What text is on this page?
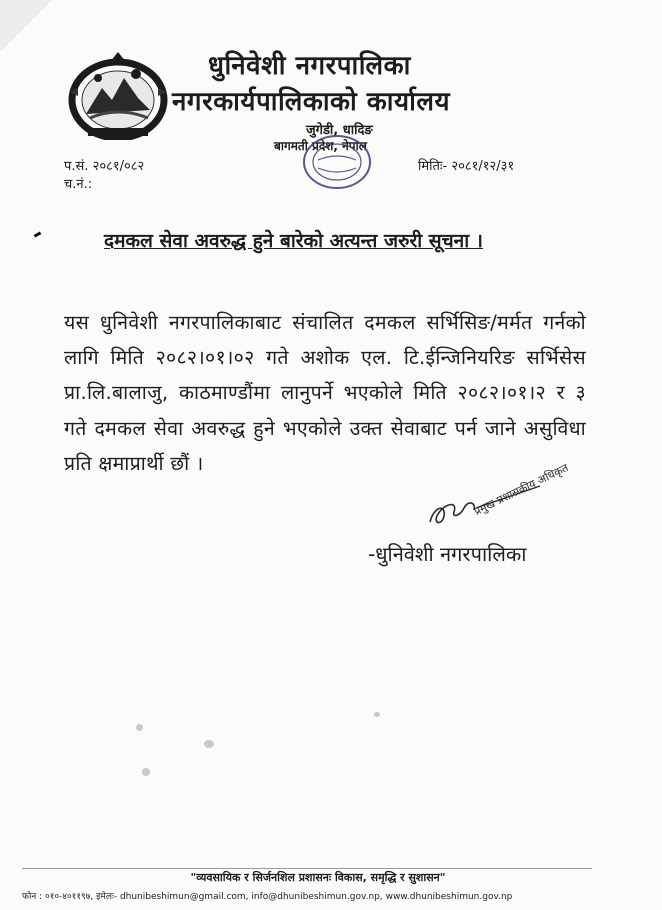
धुनिवेशी नगरपालिका
नगरकार्यपालिकाको कार्यालय
जुगेडी, धादिङ
बागमती प्रदेश, नेपाल
प.सं. २०८१/०८२
च.नं.:
मितिः- २०८१/१२/३१
दमकल सेवा अवरुद्ध हुने बारेको अत्यन्त जरुरी सूचना ।
यस धुनिवेशी नगरपालिकाबाट संचालित दमकल सर्भिसिङ/मर्मत गर्नको लागि मिति २०८२।०१।०२ गते अशोक एल. टि.ईन्जिनियरिङ सर्भिसेस प्रा.लि.बालाजु, काठमाण्डौंमा लानुपर्ने भएकोले मिति २०८२।०१।२ र ३ गते दमकल सेवा अवरुद्ध हुने भएकोले उक्त सेवाबाट पर्न जाने असुविधा प्रति क्षमाप्रार्थी छौं ।	प्रमुख प्रशासकीय अधिकृत
-धुनिवेशी नगरपालिका
"व्यवसायिक र सिर्जनशिल प्रशासनः विकास, समृद्धि र सुशासन"
फोन : ०१०-४०११९७, इमेलः- dhunibeshimun@gmail.com, info@dhunibeshimun.gov.np, www.dhunibeshimun.gov.np
